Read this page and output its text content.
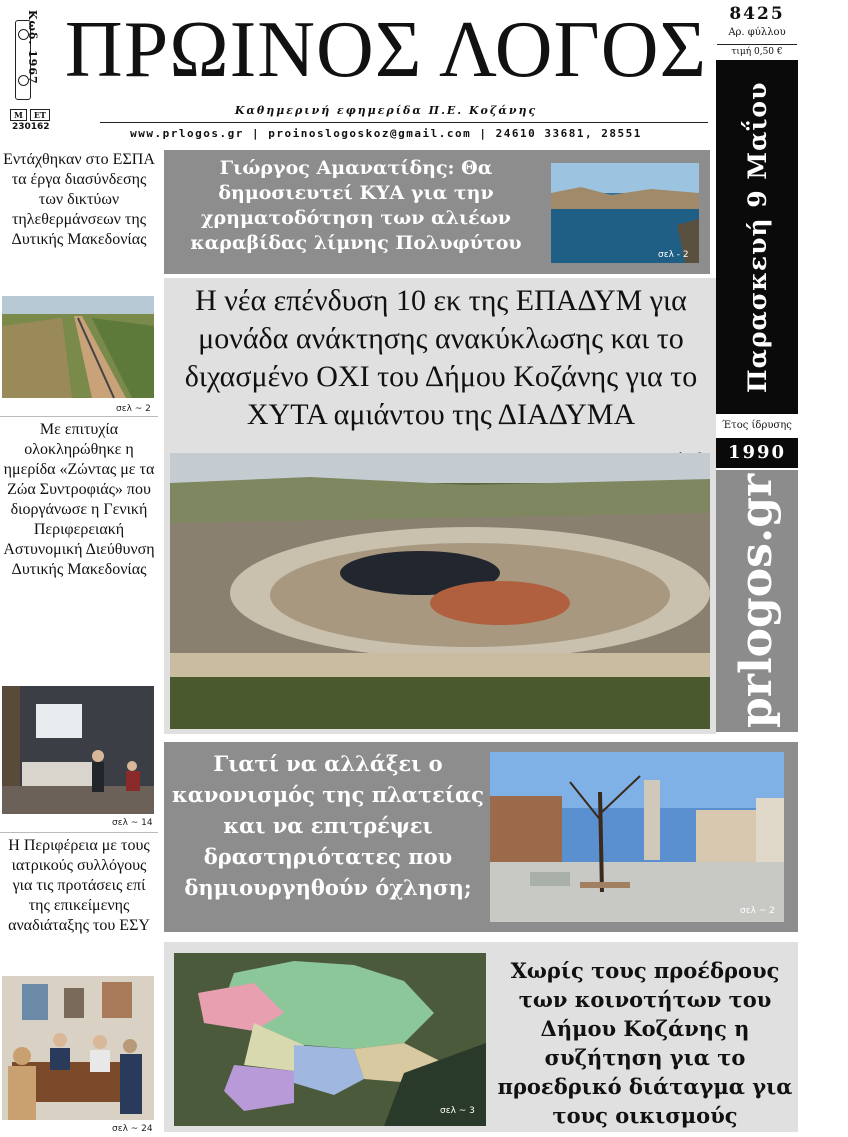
Κωδ. 1967
Μ ΕΤ
230162
ΠΡΩΙΝΟΣ ΛΟΓΟΣ
Καθημερινή εφημερίδα Π.Ε. Κοζάνης
www.prlogos.gr | proinoslogoskoz@gmail.com | 24610 33681, 28551
8425
Αρ. φύλλου
τιμή 0,50 €
Παρασκευή 9 Μαΐου 2025
Έτος ίδρυσης
1990
prlogos.gr
Εντάχθηκαν στο ΕΣΠΑ τα έργα διασύνδεσης των δικτύων τηλεθερμάνσεων της Δυτικής Μακεδονίας
σελ ~ 2
Με επιτυχία ολοκληρώθηκε η ημερίδα «Ζώντας με τα Ζώα Συντροφιάς» που διοργάνωσε η Γενική Περιφερειακή Αστυνομική Διεύθυνση Δυτικής Μακεδονίας
σελ ~ 14
Η Περιφέρεια με τους ιατρικούς συλλόγους για τις προτάσεις επί της επικείμενης αναδιάταξης του ΕΣΥ
σελ ~ 24
Γιώργος Αμανατίδης: Θα δημοσιευτεί ΚΥΑ για την χρηματοδότηση των αλιέων καραβίδας λίμνης Πολυφύτου
σελ - 2
Η νέα επένδυση 10 εκ της ΕΠΑΔΥΜ για μονάδα ανάκτησης ανακύκλωσης και το διχασμένο ΟΧΙ του Δήμου Κοζάνης για το ΧΥΤΑ αμιάντου της ΔΙΑΔΥΜΑ
Γιατί να αλλάξει ο κανονισμός της πλατείας και να επιτρέψει δραστηριότατες που δημιουργηθούν όχληση;
σελ ~ 2
σελ ~ 3
Χωρίς τους προέδρους των κοινοτήτων του Δήμου Κοζάνης η συζήτηση για το προεδρικό διάταγμα για τους οικισμούς
